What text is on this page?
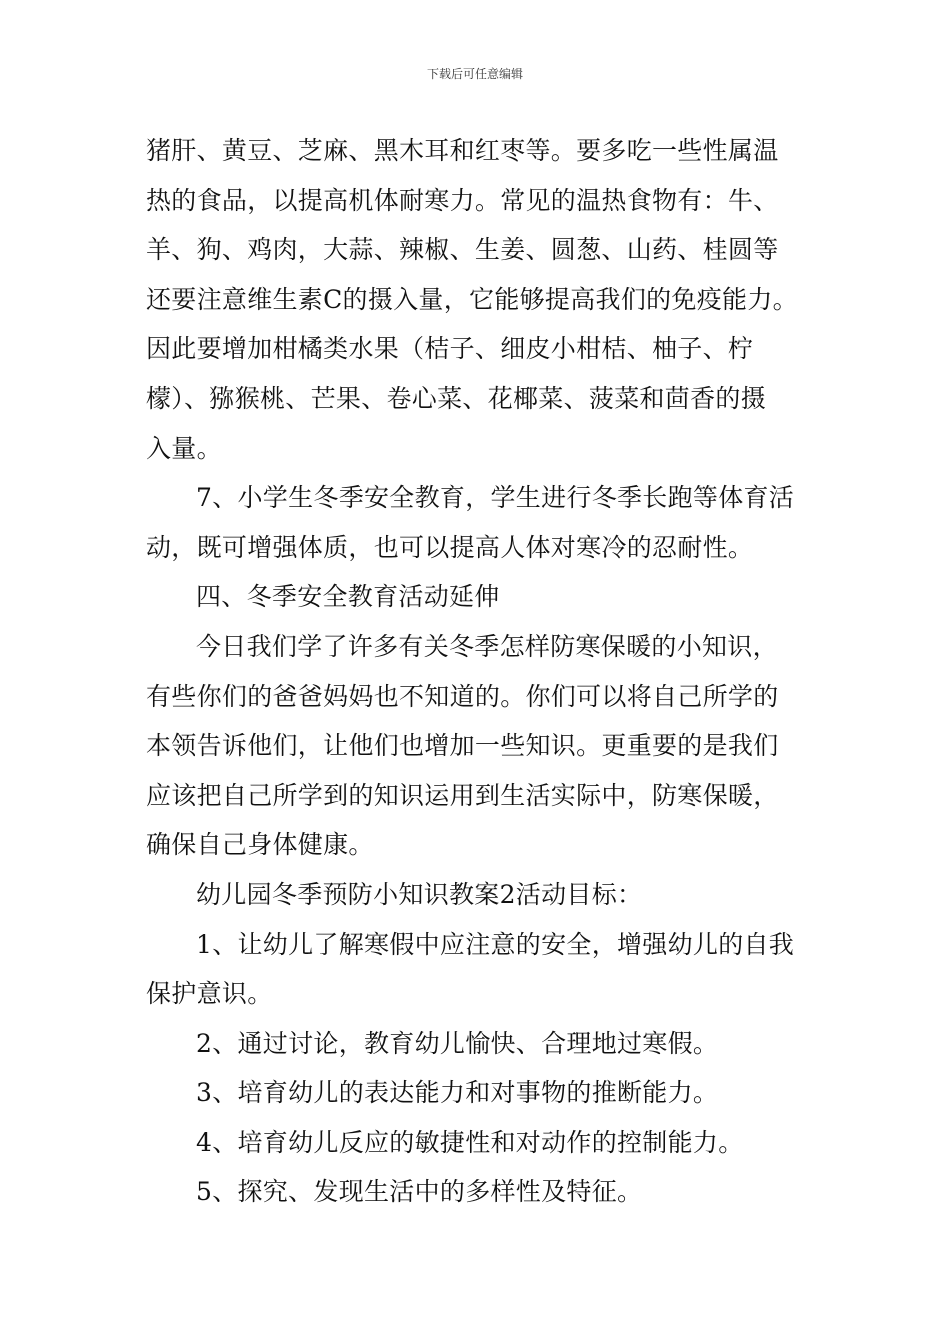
下载后可任意编辑
猪肝、黄豆、芝麻、黑木耳和红枣等。要多吃一些性属温
热的食品，以提高机体耐寒力。常见的温热食物有：牛、
羊、狗、鸡肉，大蒜、辣椒、生姜、圆葱、山药、桂圆等
还要注意维生素C的摄入量，它能够提高我们的免疫能力。
因此要增加柑橘类水果（桔子、细皮小柑桔、柚子、柠
檬）、猕猴桃、芒果、卷心菜、花椰菜、菠菜和茴香的摄
入量。
7、小学生冬季安全教育，学生进行冬季长跑等体育活
动，既可增强体质，也可以提高人体对寒冷的忍耐性。
四、冬季安全教育活动延伸
今日我们学了许多有关冬季怎样防寒保暖的小知识，
有些你们的爸爸妈妈也不知道的。你们可以将自己所学的
本领告诉他们，让他们也增加一些知识。更重要的是我们
应该把自己所学到的知识运用到生活实际中，防寒保暖，
确保自己身体健康。
幼儿园冬季预防小知识教案2活动目标：
1、让幼儿了解寒假中应注意的安全，增强幼儿的自我
保护意识。
2、通过讨论，教育幼儿愉快、合理地过寒假。
3、培育幼儿的表达能力和对事物的推断能力。
4、培育幼儿反应的敏捷性和对动作的控制能力。
5、探究、发现生活中的多样性及特征。
